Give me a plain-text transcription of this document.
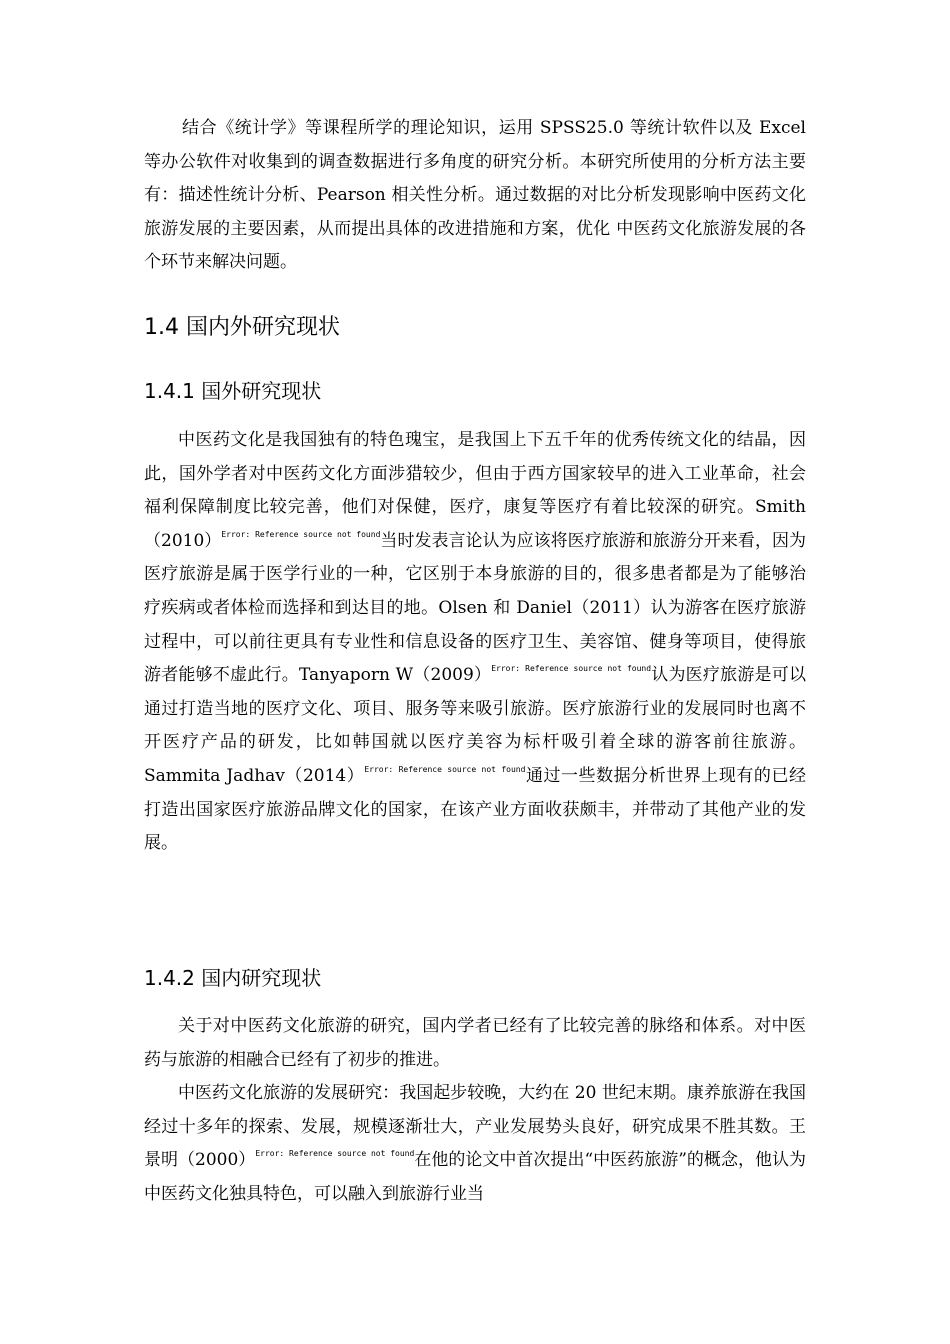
结合《统计学》等课程所学的理论知识，运用 SPSS25.0 等统计软件以及 Excel 等办公软件对收集到的调查数据进行多角度的研究分析。本研究所使用的分析方法主要有：描述性统计分析、Pearson 相关性分析。通过数据的对比分析发现影响中医药文化旅游发展的主要因素，从而提出具体的改进措施和方案，优化 中医药文化旅游发展的各个环节来解决问题。

1.4 国内外研究现状
1.4.1 国外研究现状

中医药文化是我国独有的特色瑰宝，是我国上下五千年的优秀传统文化的结晶，因此，国外学者对中医药文化方面涉猎较少，但由于西方国家较早的进入工业革命，社会福利保障制度比较完善，他们对保健，医疗，康复等医疗有着比较深的研究。Smith（2010）$^{Error: Reference source not found}$当时发表言论认为应该将医疗旅游和旅游分开来看，因为医疗旅游是属于医学行业的一种，它区别于本身旅游的目的，很多患者都是为了能够治疗疾病或者体检而选择和到达目的地。Olsen 和 Daniel（2011）认为游客在医疗旅游过程中，可以前往更具有专业性和信息设备的医疗卫生、美容馆、健身等项目，使得旅游者能够不虚此行。Tanyaporn W（2009）$^{Error: Reference source not found}$认为医疗旅游是可以通过打造当地的医疗文化、项目、服务等来吸引旅游。医疗旅游行业的发展同时也离不开医疗产品的研发，比如韩国就以医疗美容为标杆吸引着全球的游客前往旅游。Sammita Jadhav（2014）$^{Error: Reference source not found}$通过一些数据分析世界上现有的已经打造出国家医疗旅游品牌文化的国家，在该产业方面收获颇丰，并带动了其他产业的发展。

1.4.2 国内研究现状

关于对中医药文化旅游的研究，国内学者已经有了比较完善的脉络和体系。对中医药与旅游的相融合已经有了初步的推进。

中医药文化旅游的发展研究：我国起步较晚，大约在 20 世纪末期。康养旅游在我国经过十多年的探索、发展，规模逐渐壮大，产业发展势头良好，研究成果不胜其数。王景明（2000）$^{Error: Reference source not found}$在他的论文中首次提出“中医药旅游”的概念，他认为中医药文化独具特色，可以融入到旅游行业当
